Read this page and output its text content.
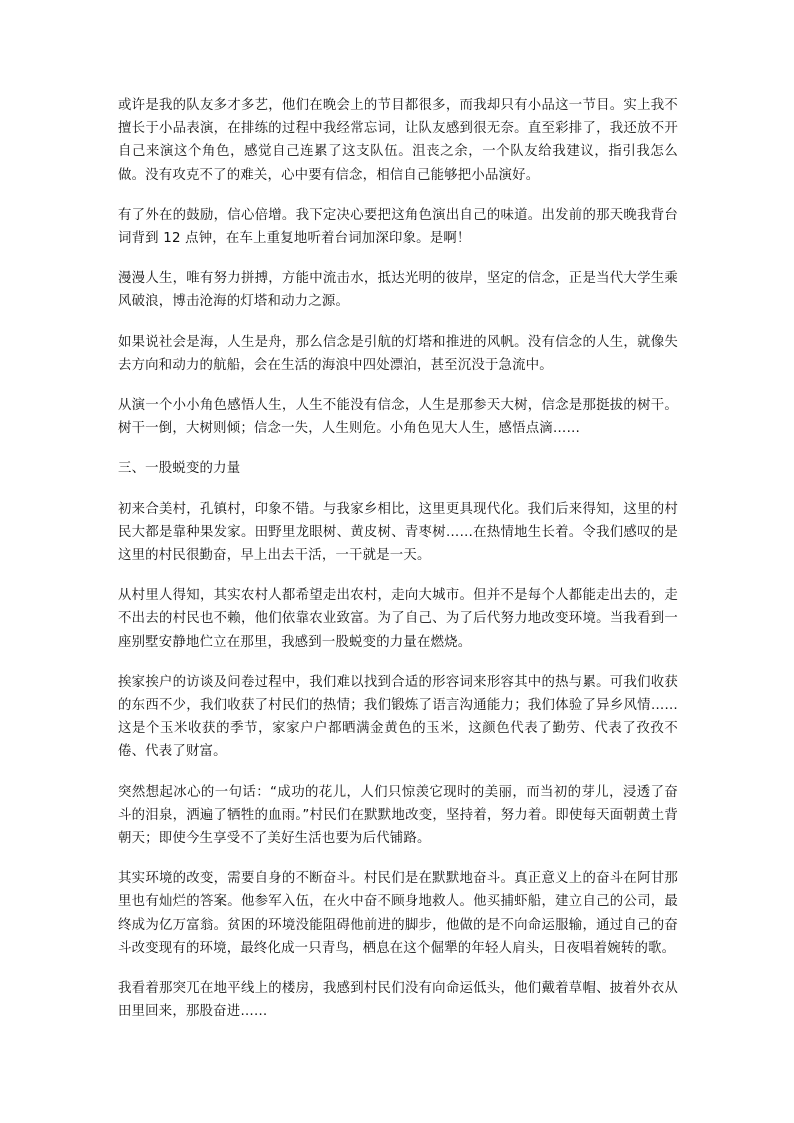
或许是我的队友多才多艺，他们在晚会上的节目都很多，而我却只有小品这一节目。实上我不擅长于小品表演，在排练的过程中我经常忘词，让队友感到很无奈。直至彩排了，我还放不开自己来演这个角色，感觉自己连累了这支队伍。沮丧之余，一个队友给我建议，指引我怎么做。没有攻克不了的难关，心中要有信念，相信自己能够把小品演好。

有了外在的鼓励，信心倍增。我下定决心要把这角色演出自己的味道。出发前的那天晚我背台词背到 12 点钟，在车上重复地听着台词加深印象。是啊！

漫漫人生，唯有努力拼搏，方能中流击水，抵达光明的彼岸，坚定的信念，正是当代大学生乘风破浪，博击沧海的灯塔和动力之源。

如果说社会是海，人生是舟，那么信念是引航的灯塔和推进的风帆。没有信念的人生，就像失去方向和动力的航船，会在生活的海浪中四处漂泊，甚至沉没于急流中。

从演一个小小角色感悟人生，人生不能没有信念，人生是那参天大树，信念是那挺拔的树干。树干一倒，大树则倾；信念一失，人生则危。小角色见大人生，感悟点滴……

三、一股蜕变的力量

初来合美村，孔镇村，印象不错。与我家乡相比，这里更具现代化。我们后来得知，这里的村民大都是靠种果发家。田野里龙眼树、黄皮树、青枣树……在热情地生长着。令我们感叹的是这里的村民很勤奋，早上出去干活，一干就是一天。

从村里人得知，其实农村人都希望走出农村，走向大城市。但并不是每个人都能走出去的，走不出去的村民也不赖，他们依靠农业致富。为了自己、为了后代努力地改变环境。当我看到一座别墅安静地伫立在那里，我感到一股蜕变的力量在燃烧。

挨家挨户的访谈及问卷过程中，我们难以找到合适的形容词来形容其中的热与累。可我们收获的东西不少，我们收获了村民们的热情；我们锻炼了语言沟通能力；我们体验了异乡风情……这是个玉米收获的季节，家家户户都晒满金黄色的玉米，这颜色代表了勤劳、代表了孜孜不倦、代表了财富。

突然想起冰心的一句话：“成功的花儿，人们只惊羡它现时的美丽，而当初的芽儿，浸透了奋斗的泪泉，洒遍了牺牲的血雨。”村民们在默默地改变，坚持着，努力着。即使每天面朝黄土背朝天；即使今生享受不了美好生活也要为后代铺路。

其实环境的改变，需要自身的不断奋斗。村民们是在默默地奋斗。真正意义上的奋斗在阿甘那里也有灿烂的答案。他参军入伍，在火中奋不顾身地救人。他买捕虾船，建立自己的公司，最终成为亿万富翁。贫困的环境没能阻碍他前进的脚步，他做的是不向命运服输，通过自己的奋斗改变现有的环境，最终化成一只青鸟，栖息在这个倔犟的年轻人肩头，日夜唱着婉转的歌。

我看着那突兀在地平线上的楼房，我感到村民们没有向命运低头，他们戴着草帽、披着外衣从田里回来，那股奋进……
